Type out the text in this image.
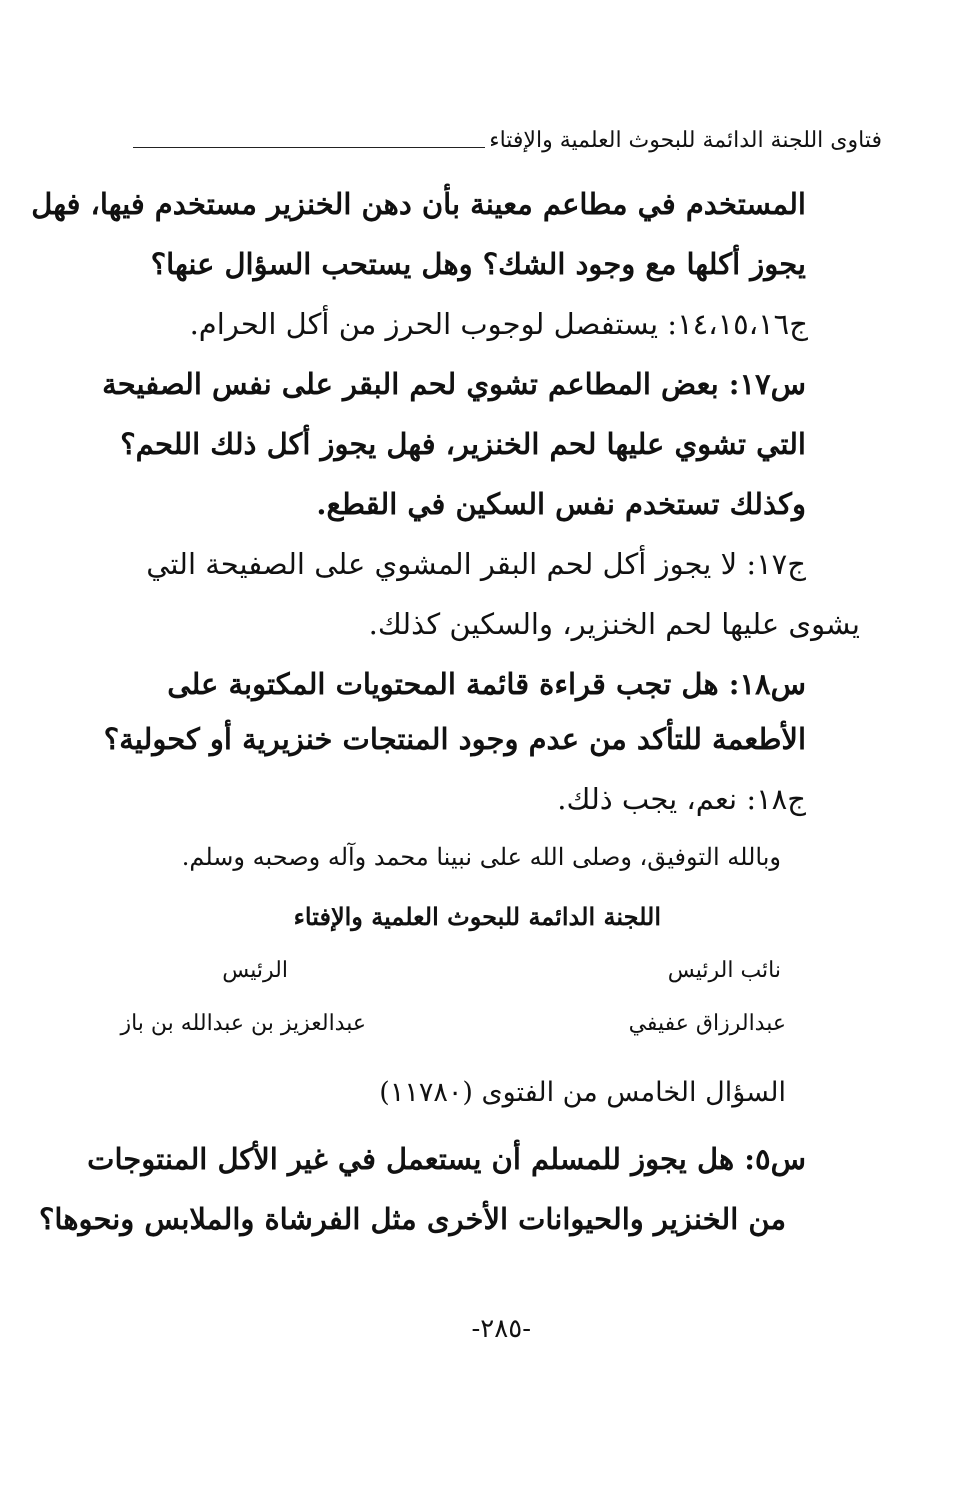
فتاوى اللجنة الدائمة للبحوث العلمية والإفتاء
المستخدم في مطاعم معينة بأن دهن الخنزير مستخدم فيها، فهل
يجوز أكلها مع وجود الشك؟ وهل يستحب السؤال عنها؟
ج١٤،١٥،١٦: يستفصل لوجوب الحرز من أكل الحرام.
س١٧: بعض المطاعم تشوي لحم البقر على نفس الصفيحة
التي تشوي عليها لحم الخنزير، فهل يجوز أكل ذلك اللحم؟
وكذلك تستخدم نفس السكين في القطع.
ج١٧: لا يجوز أكل لحم البقر المشوي على الصفيحة التي
يشوى عليها لحم الخنزير، والسكين كذلك.
س١٨: هل تجب قراءة قائمة المحتويات المكتوبة على
الأطعمة للتأكد من عدم وجود المنتجات خنزيرية أو كحولية؟
ج١٨: نعم، يجب ذلك.
وبالله التوفيق، وصلى الله على نبينا محمد وآله وصحبه وسلم.
اللجنة الدائمة للبحوث العلمية والإفتاء
نائب الرئيس
الرئيس
عبدالرزاق عفيفي
عبدالعزيز بن عبدالله بن باز
السؤال الخامس من الفتوى (١١٧٨٠)
س٥: هل يجوز للمسلم أن يستعمل في غير الأكل المنتوجات
من الخنزير والحيوانات الأخرى مثل الفرشاة والملابس ونحوها؟
-٢٨٥-
